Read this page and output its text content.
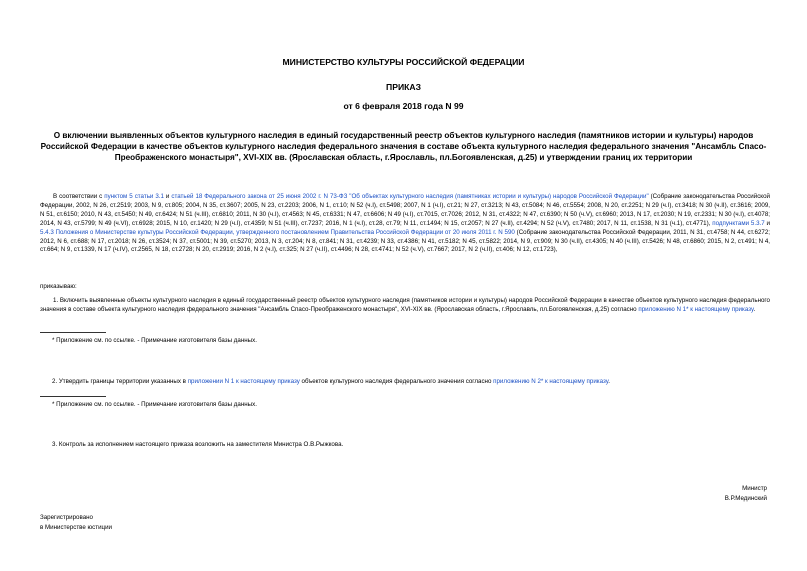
МИНИСТЕРСТВО КУЛЬТУРЫ РОССИЙСКОЙ ФЕДЕРАЦИИ
ПРИКАЗ
от 6 февраля 2018 года N 99
О включении выявленных объектов культурного наследия в единый государственный реестр объектов культурного наследия (памятников истории и культуры) народов Российской Федерации в качестве объектов культурного наследия федерального значения в составе объекта культурного наследия федерального значения "Ансамбль Спасо-Преображенского монастыря", XVI-XIX вв. (Ярославская область, г.Ярославль, пл.Богоявленская, д.25) и утверждении границ их территории
В соответствии с пунктом 5 статьи 3.1 и статьей 18 Федерального закона от 25 июня 2002 г. N 73-ФЗ "Об объектах культурного наследия (памятниках истории и культуры) народов Российской Федерации" (Собрание законодательства Российской Федерации, 2002, N 26, ст.2519; 2003, N 9, ст.805; 2004, N 35, ст.3607; 2005, N 23, ст.2203; 2006, N 1, ст.10; N 52 (ч.I), ст.5498; 2007, N 1 (ч.I), ст.21; N 27, ст.3213; N 43, ст.5084; N 46, ст.5554; 2008, N 20, ст.2251; N 29 (ч.I), ст.3418; N 30 (ч.II), ст.3616; 2009, N 51, ст.6150; 2010, N 43, ст.5450; N 49, ст.6424; N 51 (ч.III), ст.6810; 2011, N 30 (ч.I), ст.4563; N 45, ст.6331; N 47, ст.6606; N 49 (ч.I), ст.7015, ст.7026; 2012, N 31, ст.4322; N 47, ст.6390; N 50 (ч.V), ст.6960; 2013, N 17, ст.2030; N 19, ст.2331; N 30 (ч.I), ст.4078; 2014, N 43, ст.5799; N 49 (ч.VI), ст.6928; 2015, N 10, ст.1420; N 29 (ч.I), ст.4359; N 51 (ч.III), ст.7237; 2016, N 1 (ч.I), ст.28, ст.79; N 11, ст.1494; N 15, ст.2057; N 27 (ч.II), ст.4294; N 52 (ч.V), ст.7480; 2017, N 11, ст.1538, N 31 (ч.1), ст.4771), подпунктами 5.3.7 и 5.4.3 Положения о Министерстве культуры Российской Федерации, утвержденного постановлением Правительства Российской Федерации от 20 июля 2011 г. N 590 (Собрание законодательства Российской Федерации, 2011, N 31, ст.4758; N 44, ст.6272; 2012, N 6, ст.688; N 17, ст.2018; N 26, ст.3524; N 37, ст.5001; N 39, ст.5270; 2013, N 3, ст.204; N 8, ст.841; N 31, ст.4239; N 33, ст.4386; N 41, ст.5182; N 45, ст.5822; 2014, N 9, ст.909; N 30 (ч.II), ст.4305; N 40 (ч.III), ст.5426; N 48, ст.6860; 2015, N 2, ст.491; N 4, ст.664; N 9, ст.1339, N 17 (ч.IV), ст.2565, N 18, ст.2728; N 20, ст.2919; 2016, N 2 (ч.I), ст.325; N 27 (ч.II), ст.4496; N 28, ст.4741; N 52 (ч.V), ст.7667; 2017, N 2 (ч.II), ст.406; N 12, ст.1723),
приказываю:
1. Включить выявленные объекты культурного наследия в единый государственный реестр объектов культурного наследия (памятников истории и культуры) народов Российской Федерации в качестве объектов культурного наследия федерального значения в составе объекта культурного наследия федерального значения "Ансамбль Спасо-Преображенского монастыря", XVI-XIX вв. (Ярославская область, г.Ярославль, пл.Богоявленская, д.25) согласно приложению N 1* к настоящему приказу.
* Приложение см. по ссылке. - Примечание изготовителя базы данных.
2. Утвердить границы территории указанных в приложении N 1 к настоящему приказу объектов культурного наследия федерального значения согласно приложению N 2* к настоящему приказу.
* Приложение см. по ссылке. - Примечание изготовителя базы данных.
3. Контроль за исполнением настоящего приказа возложить на заместителя Министра О.В.Рыжкова.
Министр
В.Р.Мединский
Зарегистрировано
в Министерстве юстиции
